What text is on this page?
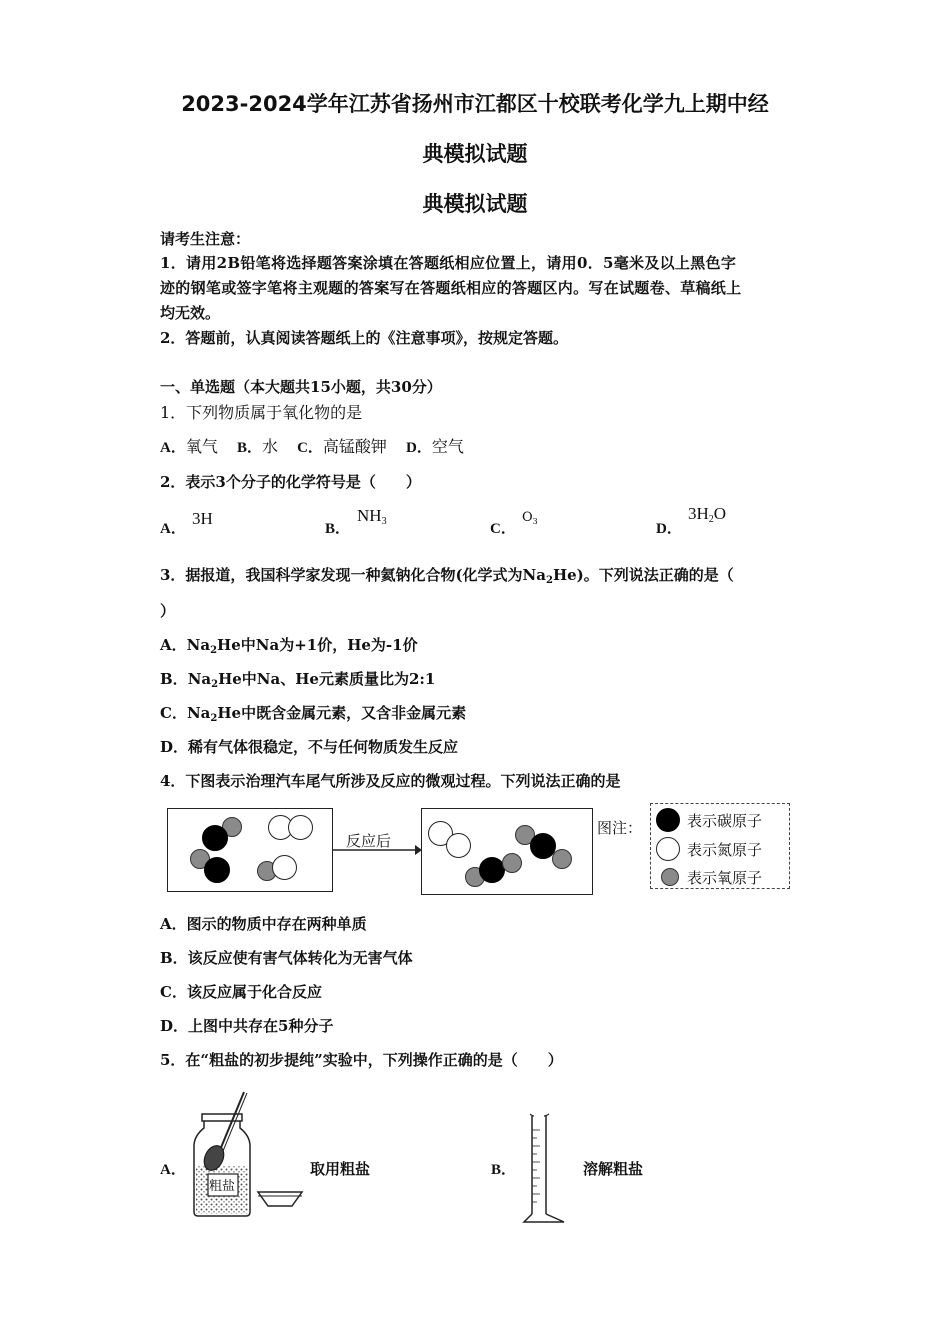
2023-2024学年江苏省扬州市江都区十校联考化学九上期中经
典模拟试题
典模拟试题
请考生注意：
1．请用2B铅笔将选择题答案涂填在答题纸相应位置上，请用0．5毫米及以上黑色字
迹的钢笔或签字笔将主观题的答案写在答题纸相应的答题区内。写在试题卷、草稿纸上
均无效。
2．答题前，认真阅读答题纸上的《注意事项》，按规定答题。
一、单选题（本大题共15小题，共30分）
1．下列物质属于氧化物的是
A．氧气 B．水 C．高锰酸钾 D．空气
2．表示3个分子的化学符号是（　　）
A．
3H
B．
$NH_3$	C．
$O_3$	D．
$3H_2O$
3．据报道，我国科学家发现一种氦钠化合物(化学式为$Na_2He$)。下列说法正确的是（
）
A．$Na_2He$中Na为+1价，He为-1价
B．$Na_2He$中Na、He元素质量比为2:1
C．$Na_2He$中既含金属元素，又含非金属元素
D．稀有气体很稳定，不与任何物质发生反应
4．下图表示治理汽车尾气所涉及反应的微观过程。下列说法正确的是
反应后
图注：	表示碳原子
表示氮原子
表示氧原子
A．图示的物质中存在两种单质
B．该反应使有害气体转化为无害气体
C．该反应属于化合反应
D．上图中共存在5种分子
5．在“粗盐的初步提纯”实验中，下列操作正确的是（　　）
A．
粗盐
取用粗盐	B．	溶解粗盐
